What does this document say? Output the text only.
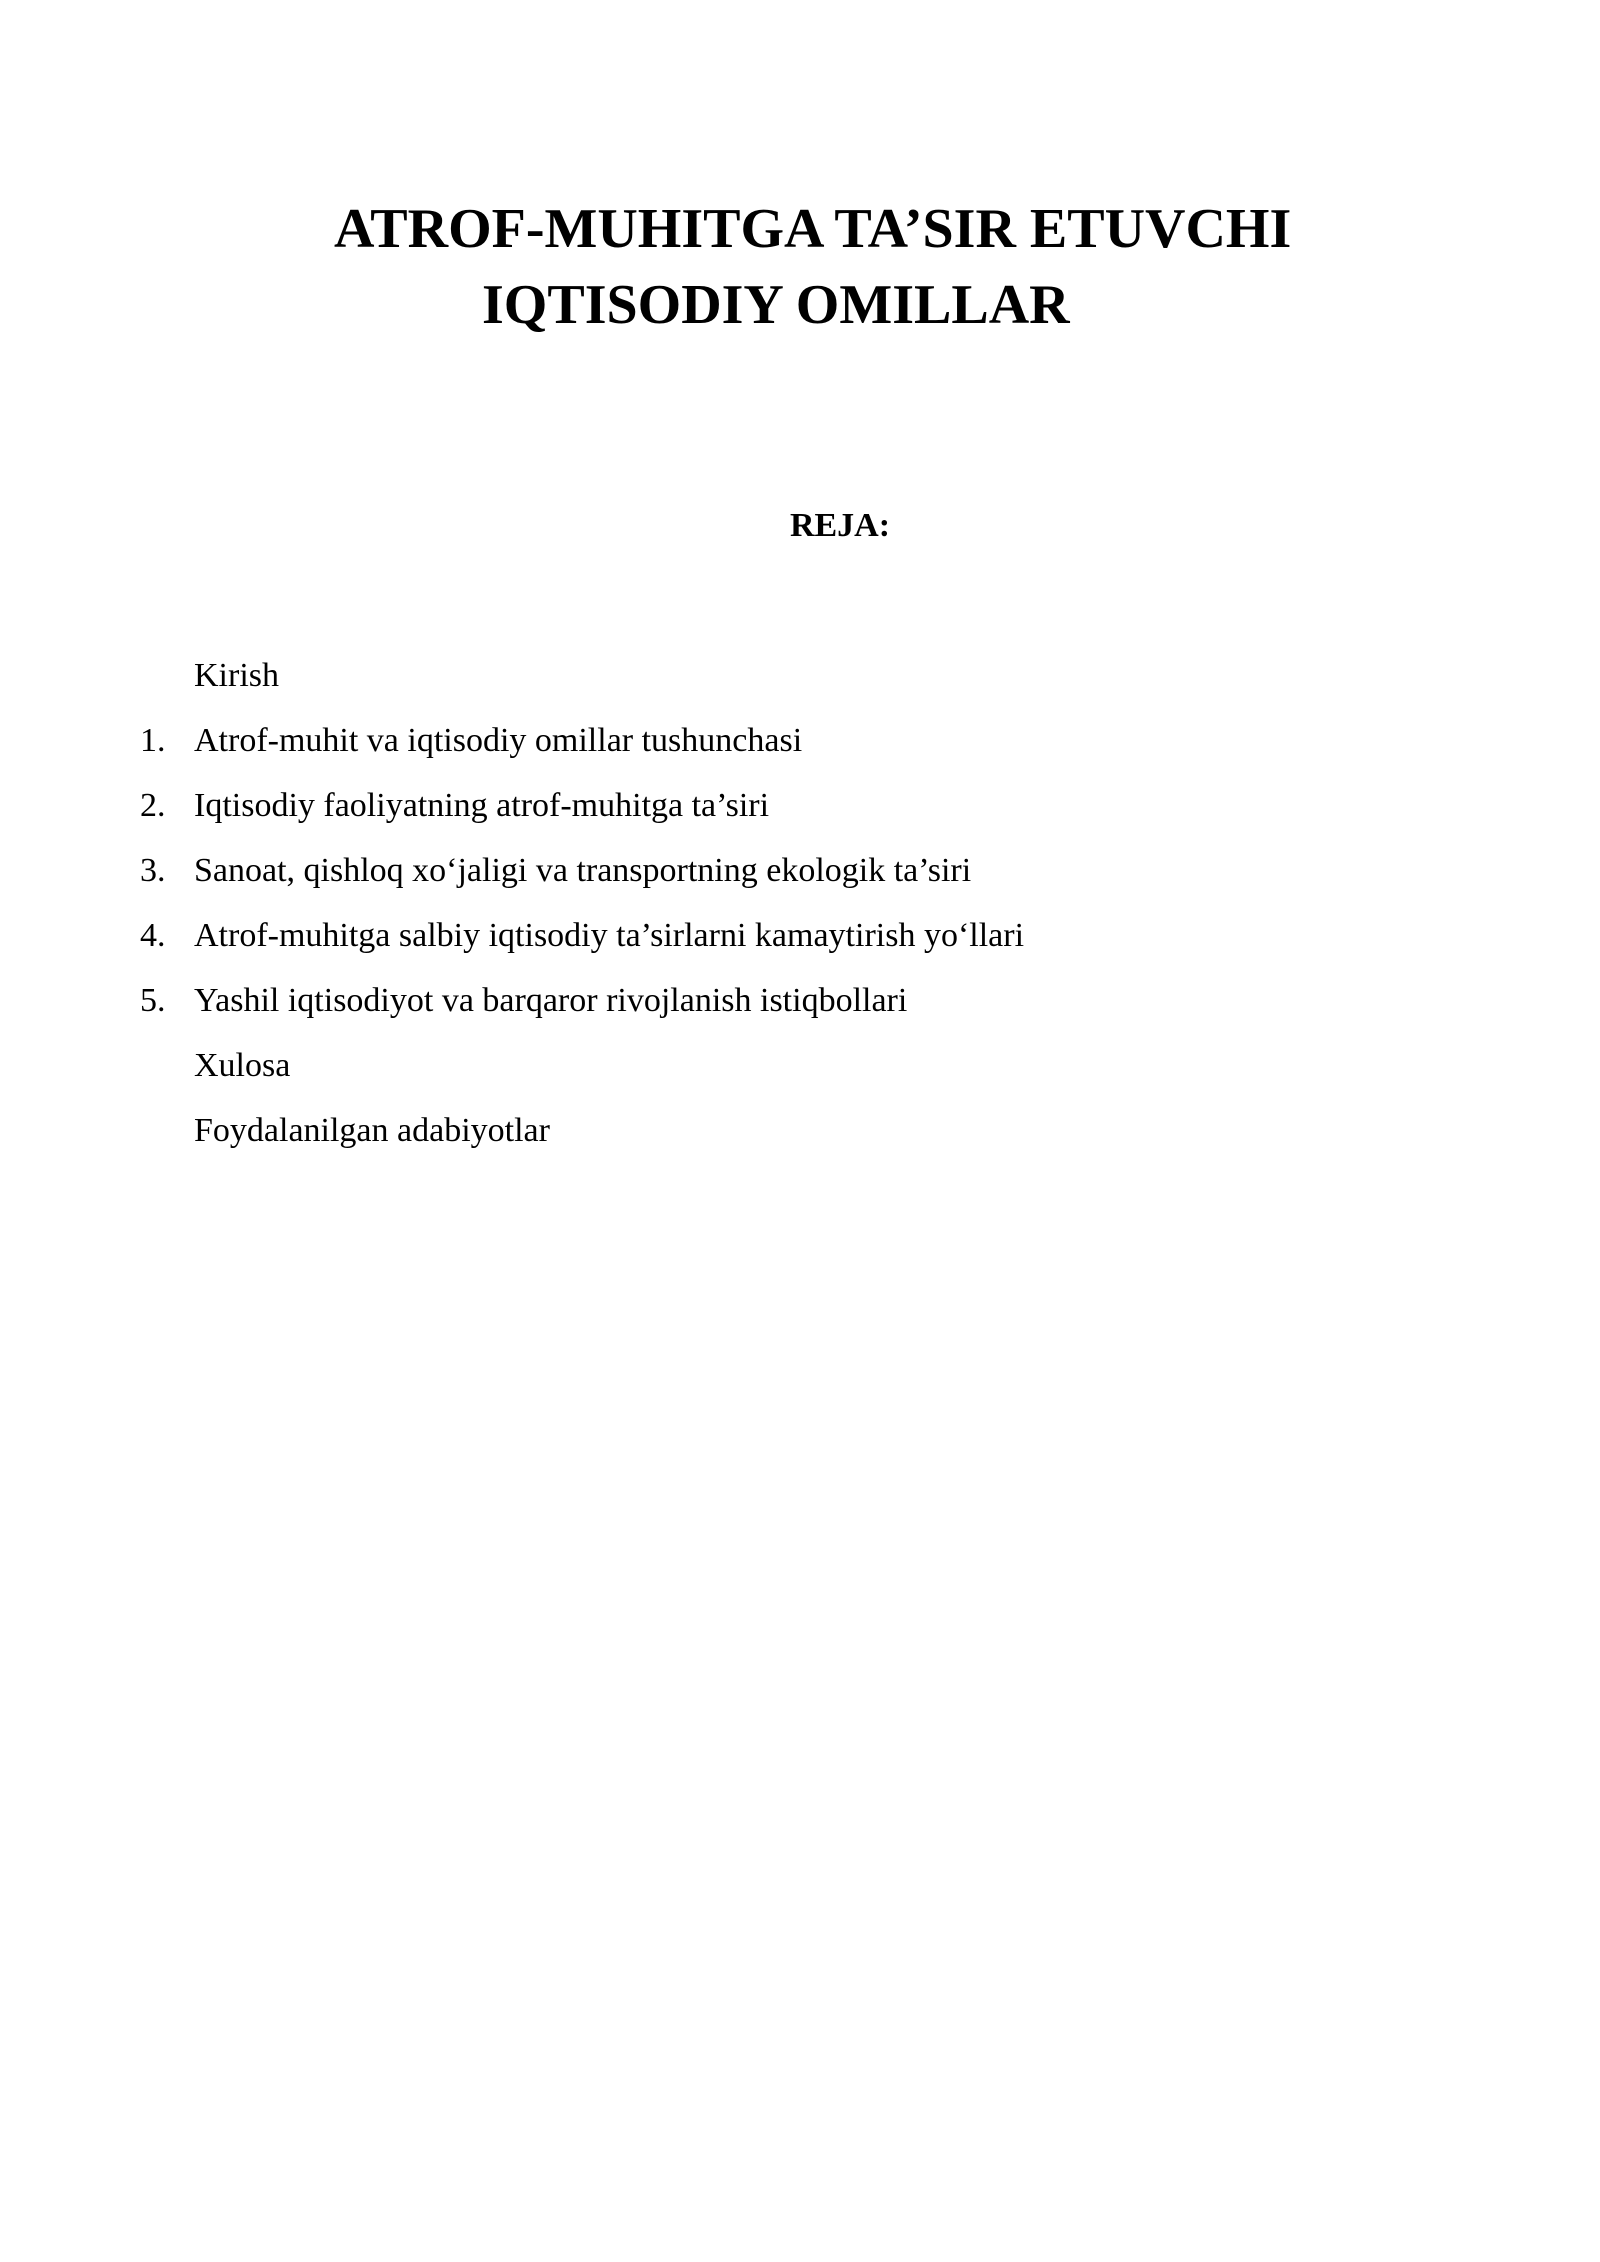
ATROF-MUHITGA TA’SIR ETUVCHI
IQTISODIY OMILLAR
REJA:
Kirish
1. Atrof-muhit va iqtisodiy omillar tushunchasi
2. Iqtisodiy faoliyatning atrof-muhitga ta’siri
3. Sanoat, qishloq xo‘jaligi va transportning ekologik ta’siri
4. Atrof-muhitga salbiy iqtisodiy ta’sirlarni kamaytirish yo‘llari
5. Yashil iqtisodiyot va barqaror rivojlanish istiqbollari
Xulosa
Foydalanilgan adabiyotlar
